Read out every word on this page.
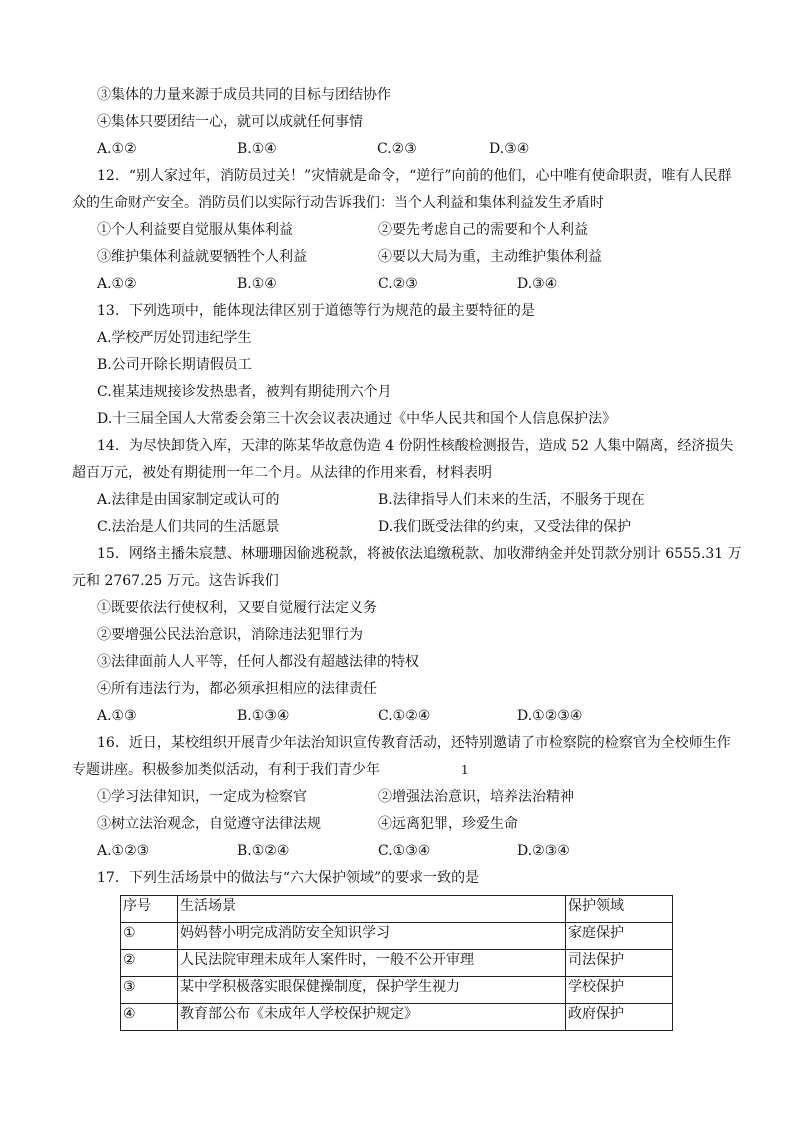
③集体的力量来源于成员共同的目标与团结协作
④集体只要团结一心，就可以成就任何事情
A.①②	B.①④	C.②③	D.③④
12．“别人家过年，消防员过关！”灾情就是命令，“逆行”向前的他们，心中唯有使命职责，唯有人民群
众的生命财产安全。消防员们以实际行动告诉我们：当个人利益和集体利益发生矛盾时
①个人利益要自觉服从集体利益	②要先考虑自己的需要和个人利益
③维护集体利益就要牺牲个人利益	④要以大局为重，主动维护集体利益
A.①②	B.①④	C.②③	D.③④
13．下列选项中，能体现法律区别于道德等行为规范的最主要特征的是
A.学校严厉处罚违纪学生
B.公司开除长期请假员工
C.崔某违规接诊发热患者，被判有期徒刑六个月
D.十三届全国人大常委会第三十次会议表决通过《中华人民共和国个人信息保护法》
14．为尽快卸货入库，天津的陈某华故意伪造 4 份阴性核酸检测报告，造成 52 人集中隔离，经济损失
超百万元，被处有期徒刑一年二个月。从法律的作用来看，材料表明
A.法律是由国家制定或认可的	B.法律指导人们未来的生活，不服务于现在
C.法治是人们共同的生活愿景	D.我们既受法律的约束，又受法律的保护
15．网络主播朱宸慧、林珊珊因偷逃税款，将被依法追缴税款、加收滞纳金并处罚款分别计 6555.31 万
元和 2767.25 万元。这告诉我们
①既要依法行使权利，又要自觉履行法定义务
②要增强公民法治意识，消除违法犯罪行为
③法律面前人人平等，任何人都没有超越法律的特权
④所有违法行为，都必须承担相应的法律责任
A.①③	B.①③④	C.①②④	D.①②③④
16．近日，某校组织开展青少年法治知识宣传教育活动，还特别邀请了市检察院的检察官为全校师生作
专题讲座。积极参加类似活动，有利于我们青少年	1
①学习法律知识，一定成为检察官	②增强法治意识，培养法治精神
③树立法治观念，自觉遵守法律法规	④远离犯罪，珍爱生命
A.①②③	B.①②④	C.①③④	D.②③④
17．下列生活场景中的做法与“六大保护领域”的要求一致的是
序号	生活场景	保护领域
①	妈妈替小明完成消防安全知识学习	家庭保护
②	人民法院审理未成年人案件时，一般不公开审理	司法保护
③	某中学积极落实眼保健操制度，保护学生视力	学校保护
④	教育部公布《未成年人学校保护规定》	政府保护
